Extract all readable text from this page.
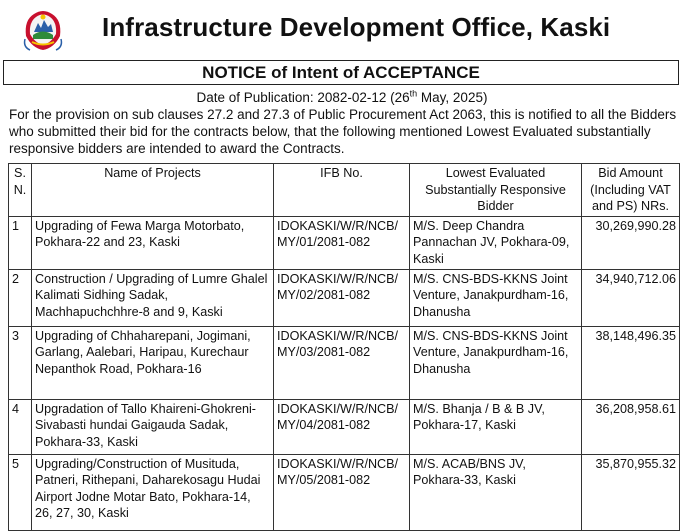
Infrastructure Development Office, Kaski
NOTICE of Intent of ACCEPTANCE
Date of Publication: 2082-02-12 (26th May, 2025)

For the provision on sub clauses 27.2 and 27.3 of Public Procurement Act 2063, this is notified to all the Bidders who submitted their bid for the contracts below, that the following mentioned Lowest Evaluated substantially responsive bidders are intended to award the Contracts.

S. N.	Name of Projects	IFB No.	Lowest Evaluated Substantially Responsive Bidder	Bid Amount (Including VAT and PS) NRs.
1	Upgrading of Fewa Marga Motorbato, Pokhara-22 and 23, Kaski	IDOKASKI/W/R/NCB/ MY/01/2081-082	M/S. Deep Chandra Pannachan JV, Pokhara-09, Kaski	30,269,990.28
2	Construction / Upgrading of Lumre Ghalel Kalimati Sidhing Sadak, Machhapuchchhre-8 and 9, Kaski	IDOKASKI/W/R/NCB/ MY/02/2081-082	M/S. CNS-BDS-KKNS Joint Venture, Janakpurdham-16, Dhanusha	34,940,712.06
3	Upgrading of Chhaharepani, Jogimani, Garlang, Aalebari, Haripau, Kurechaur Nepanthok Road, Pokhara-16	IDOKASKI/W/R/NCB/ MY/03/2081-082	M/S. CNS-BDS-KKNS Joint Venture, Janakpurdham-16, Dhanusha	38,148,496.35
4	Upgradation of Tallo Khaireni-Ghokreni-Sivabasti hundai Gaigauda Sadak, Pokhara-33, Kaski	IDOKASKI/W/R/NCB/ MY/04/2081-082	M/S. Bhanja / B & B JV, Pokhara-17, Kaski	36,208,958.61
5	Upgrading/Construction of Musituda, Patneri, Rithepani, Daharekosagu Hudai Airport Jodne Motar Bato, Pokhara-14, 26, 27, 30, Kaski	IDOKASKI/W/R/NCB/ MY/05/2081-082	M/S. ACAB/BNS JV, Pokhara-33, Kaski	35,870,955.32
